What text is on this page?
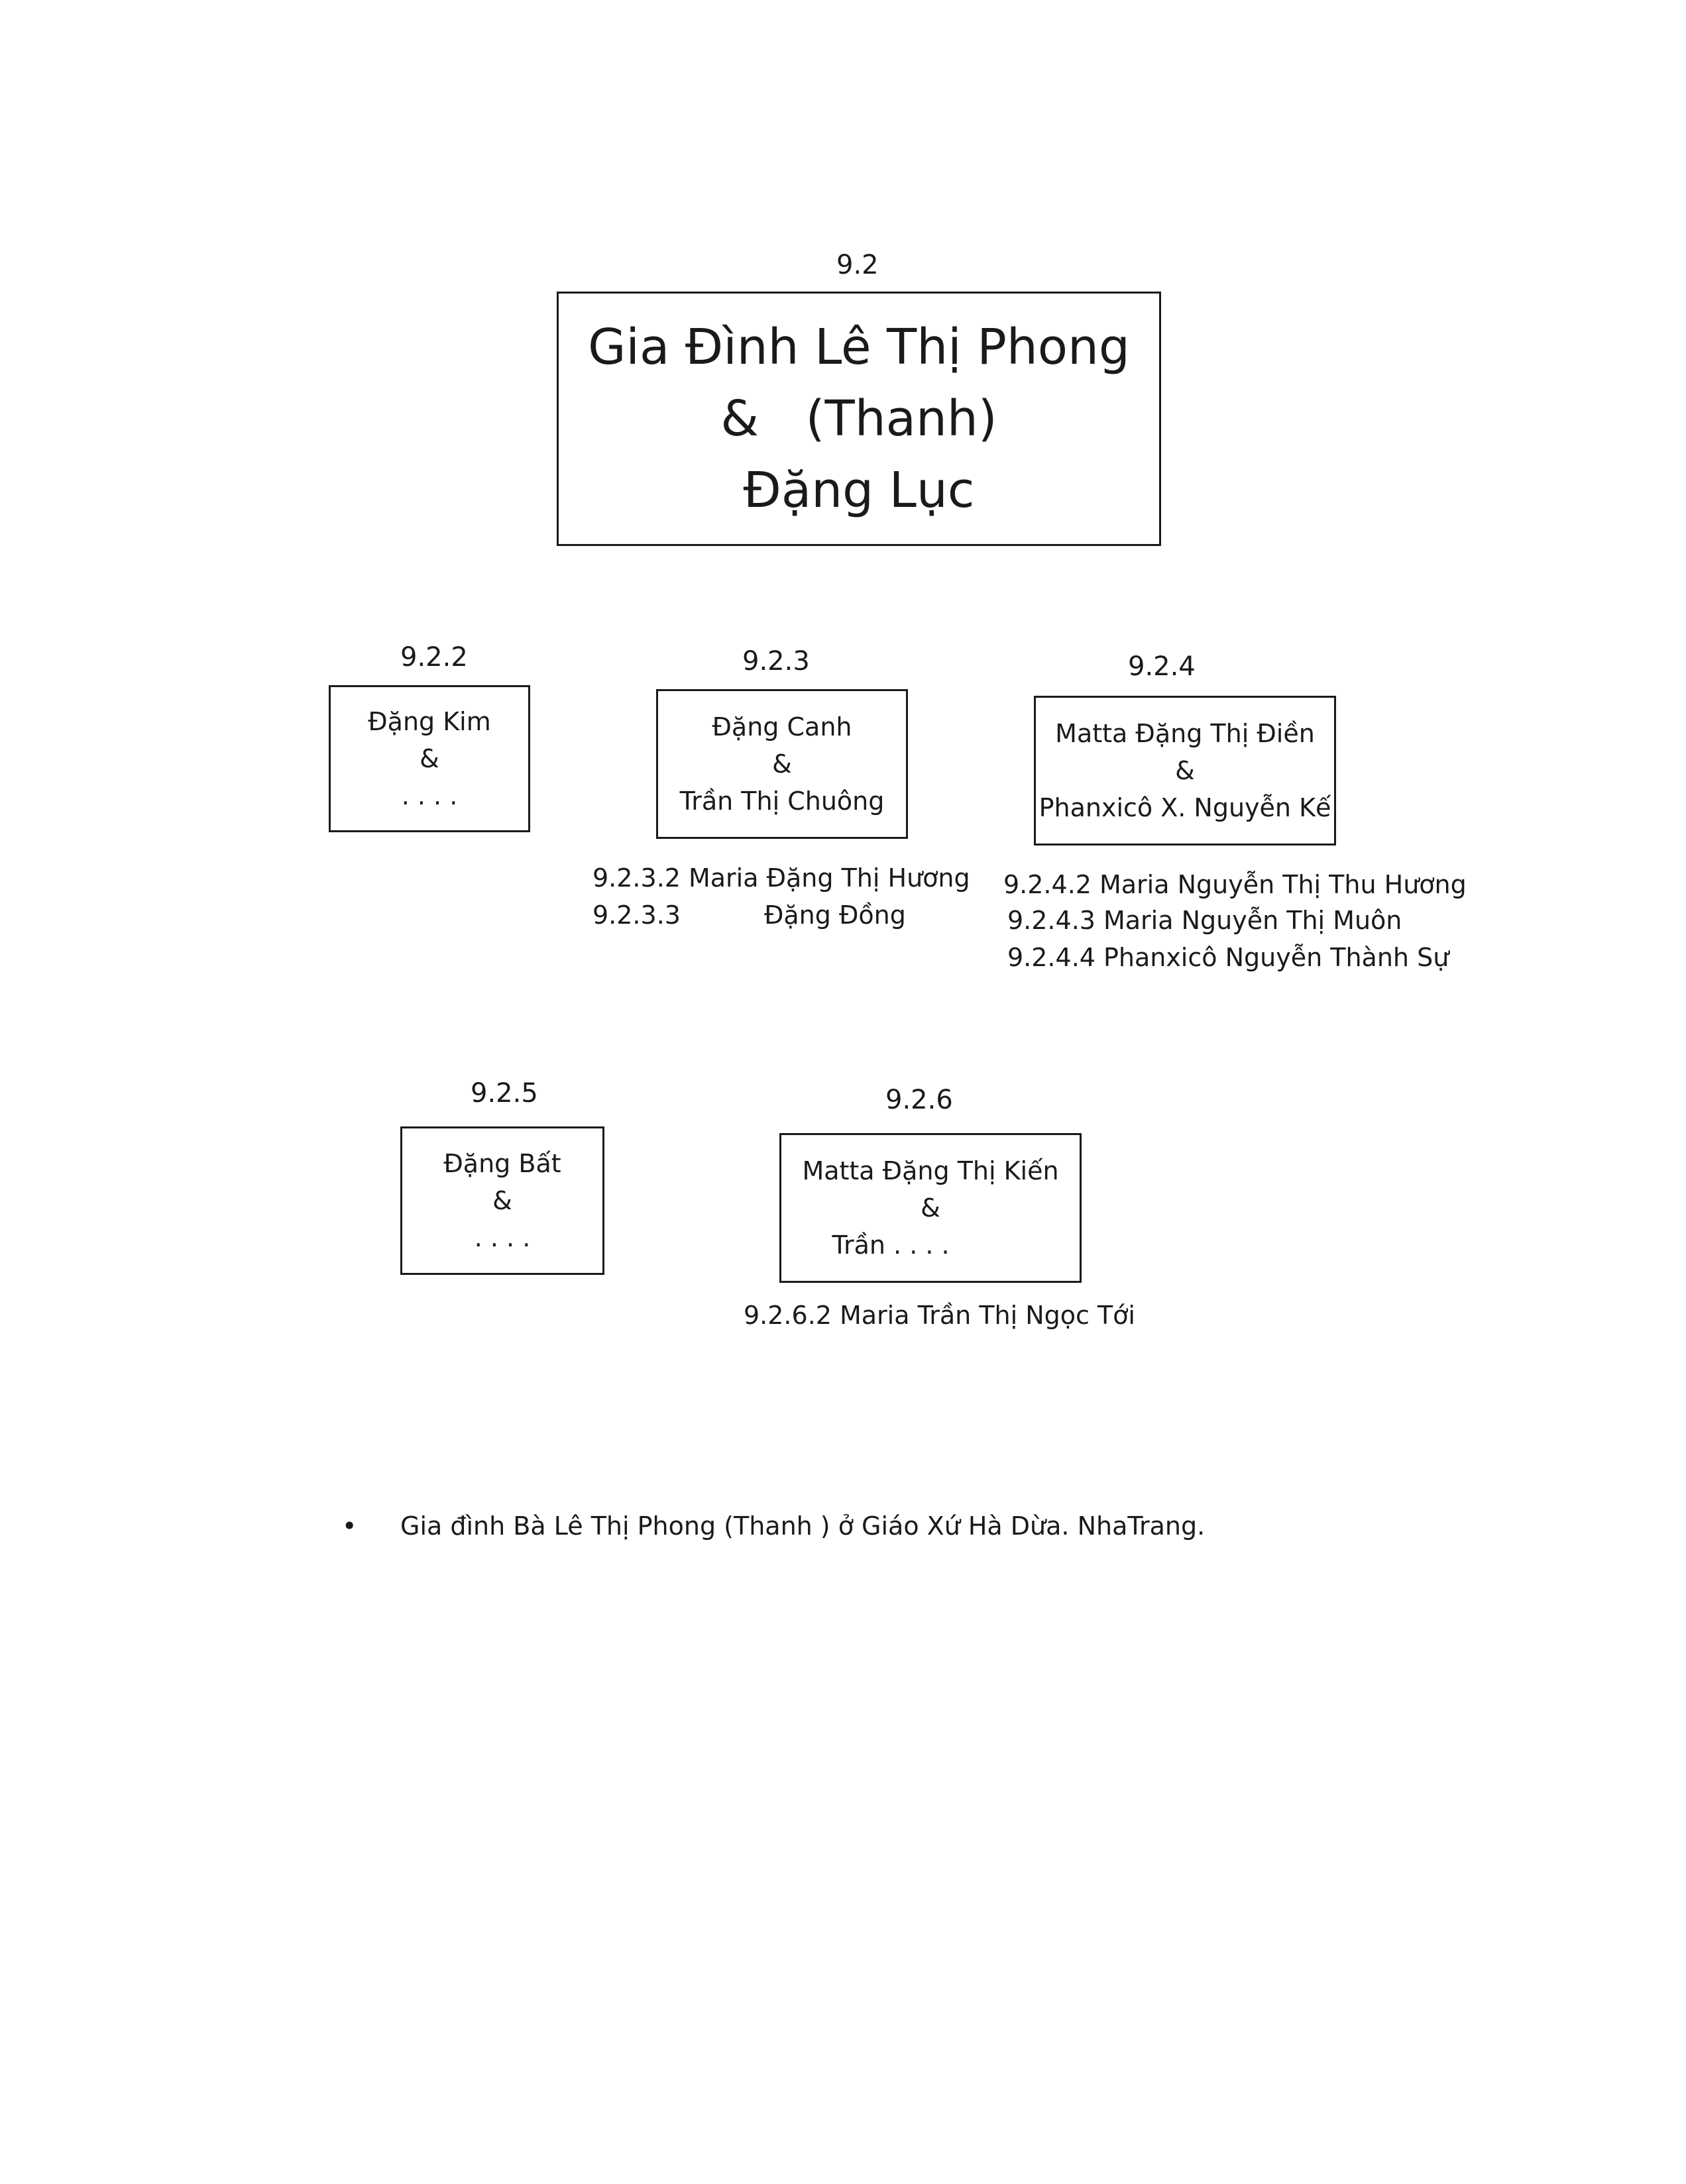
9.2
Gia Đình Lê Thị Phong
&   (Thanh)
Đặng Lục
9.2.2
Đặng Kim
&
. . . .
9.2.3
Đặng Canh
&
Trần Thị Chuông
9.2.3.2 Maria Đặng Thị Hương
9.2.3.3	Đặng Đồng
9.2.4
Matta Đặng Thị Điền
&
Phanxicô X. Nguyễn Kế
9.2.4.2 Maria Nguyễn Thị Thu Hương
9.2.4.3 Maria Nguyễn Thị Muôn
9.2.4.4 Phanxicô Nguyễn Thành Sự
9.2.5
Đặng Bất
&
. . . .
9.2.6
Matta Đặng Thị Kiến
&
Trần . . . .
9.2.6.2 Maria Trần Thị Ngọc Tới
• Gia đình Bà Lê Thị Phong (Thanh ) ở Giáo Xứ Hà Dừa. NhaTrang.
